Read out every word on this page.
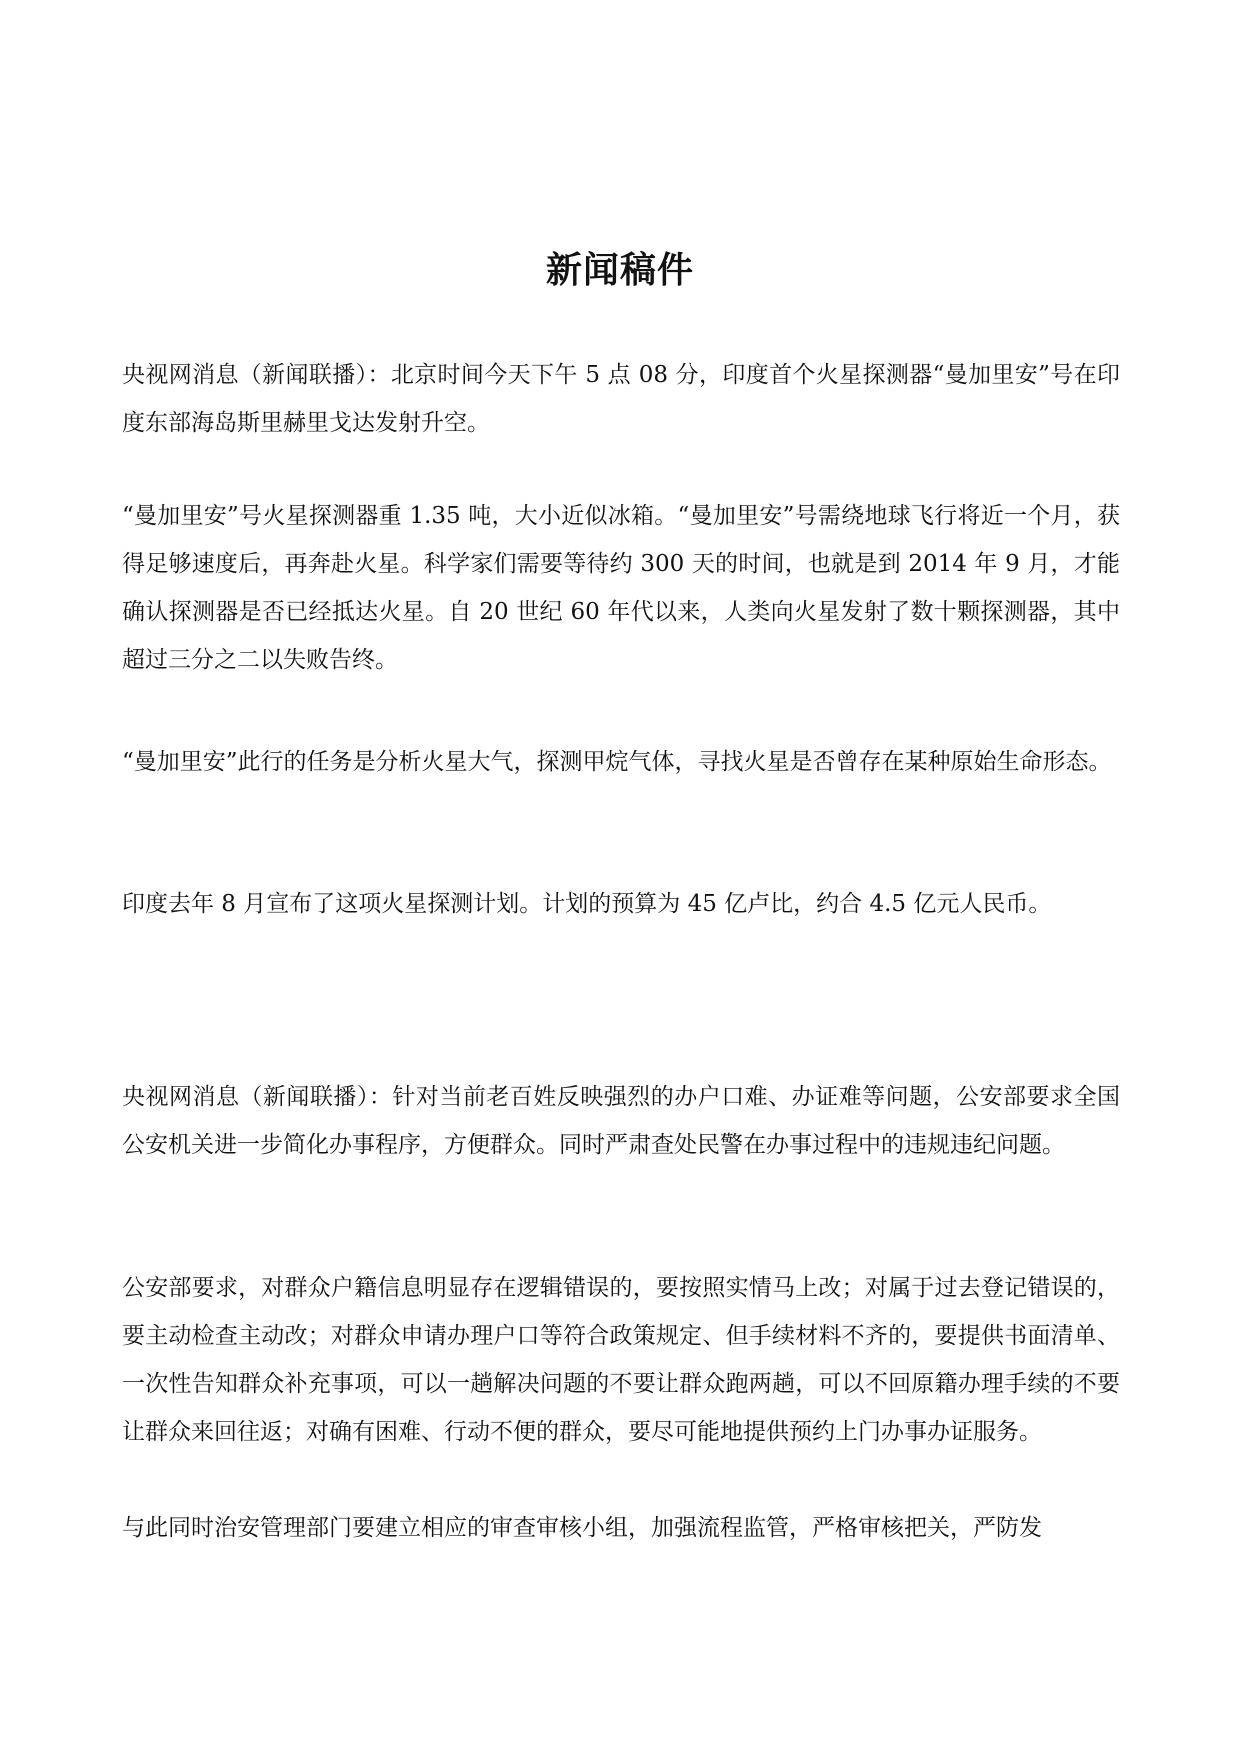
新闻稿件

央视网消息（新闻联播）：北京时间今天下午 5 点 08 分，印度首个火星探测器“曼加里安”号在印度东部海岛斯里赫里戈达发射升空。

“曼加里安”号火星探测器重 1.35 吨，大小近似冰箱。“曼加里安”号需绕地球飞行将近一个月，获得足够速度后，再奔赴火星。科学家们需要等待约 300 天的时间，也就是到 2014 年 9 月，才能确认探测器是否已经抵达火星。自 20 世纪 60 年代以来，人类向火星发射了数十颗探测器，其中超过三分之二以失败告终。

“曼加里安”此行的任务是分析火星大气，探测甲烷气体，寻找火星是否曾存在某种原始生命形态。

印度去年 8 月宣布了这项火星探测计划。计划的预算为 45 亿卢比，约合 4.5 亿元人民币。

央视网消息（新闻联播）：针对当前老百姓反映强烈的办户口难、办证难等问题，公安部要求全国公安机关进一步简化办事程序，方便群众。同时严肃查处民警在办事过程中的违规违纪问题。

公安部要求，对群众户籍信息明显存在逻辑错误的，要按照实情马上改；对属于过去登记错误的，要主动检查主动改；对群众申请办理户口等符合政策规定、但手续材料不齐的，要提供书面清单、一次性告知群众补充事项，可以一趟解决问题的不要让群众跑两趟，可以不回原籍办理手续的不要让群众来回往返；对确有困难、行动不便的群众，要尽可能地提供预约上门办事办证服务。

与此同时治安管理部门要建立相应的审查审核小组，加强流程监管，严格审核把关，严防发
